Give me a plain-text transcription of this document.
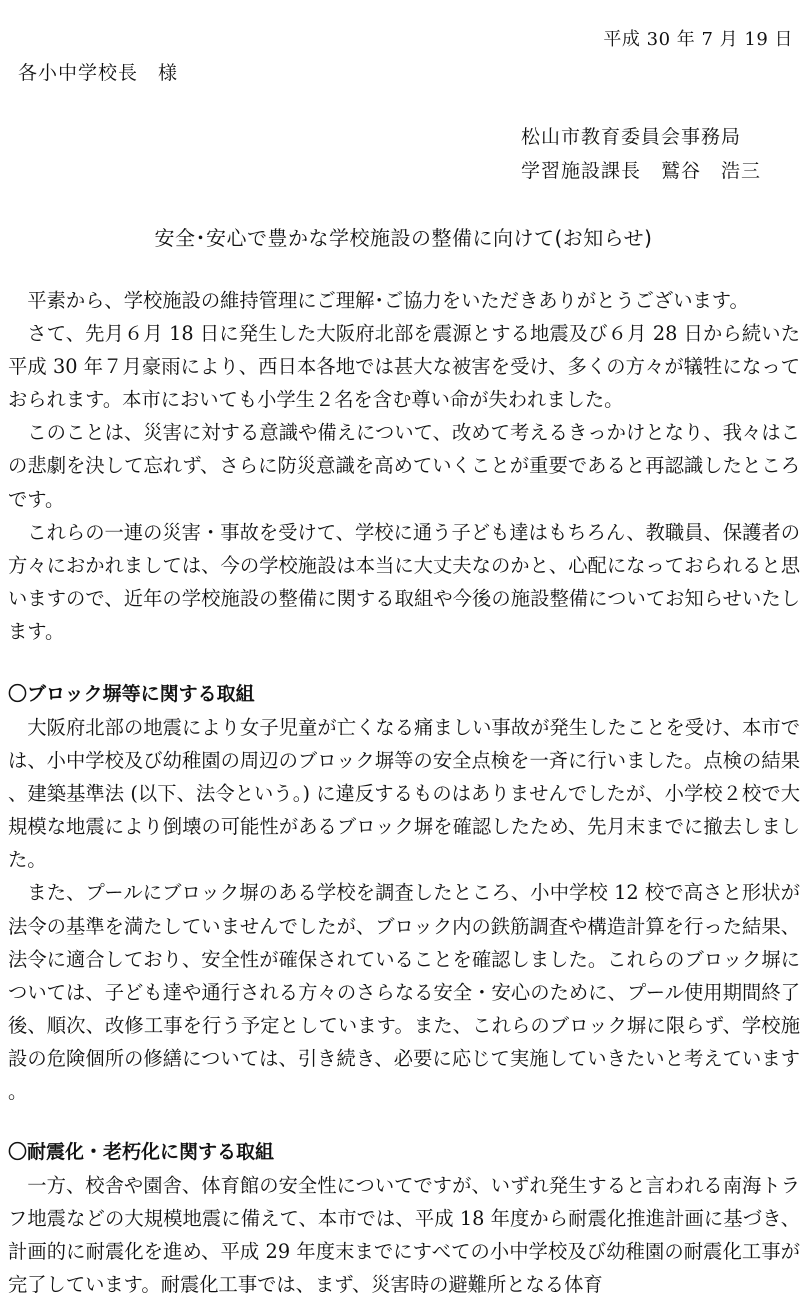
平成 30 年 7 月 19 日
各小中学校長　様
松山市教育委員会事務局
学習施設課長　鷲谷　浩三
安全･安心で豊かな学校施設の整備に向けて(お知らせ)

平素から、学校施設の維持管理にご理解･ご協力をいただきありがとうございます。

さて、先月６月 18 日に発生した大阪府北部を震源とする地震及び６月 28 日から続いた平成 30 年７月豪雨により、西日本各地では甚大な被害を受け、多くの方々が犠牲になっておられます。本市においても小学生２名を含む尊い命が失われました。

このことは、災害に対する意識や備えについて、改めて考えるきっかけとなり、我々はこの悲劇を決して忘れず、さらに防災意識を高めていくことが重要であると再認識したところです。

これらの一連の災害・事故を受けて、学校に通う子ども達はもちろん、教職員、保護者の方々におかれましては、今の学校施設は本当に大丈夫なのかと、心配になっておられると思いますので、近年の学校施設の整備に関する取組や今後の施設整備についてお知らせいたします。

〇ブロック塀等に関する取組

大阪府北部の地震により女子児童が亡くなる痛ましい事故が発生したことを受け、本市では、小中学校及び幼稚園の周辺のブロック塀等の安全点検を一斉に行いました。点検の結果、建築基準法 (以下、法令という。) に違反するものはありませんでしたが、小学校２校で大規模な地震により倒壊の可能性があるブロック塀を確認したため、先月末までに撤去しました。

また、プールにブロック塀のある学校を調査したところ、小中学校 12 校で高さと形状が法令の基準を満たしていませんでしたが、ブロック内の鉄筋調査や構造計算を行った結果、法令に適合しており、安全性が確保されていることを確認しました。これらのブロック塀については、子ども達や通行される方々のさらなる安全・安心のために、プール使用期間終了後、順次、改修工事を行う予定としています。また、これらのブロック塀に限らず、学校施設の危険個所の修繕については、引き続き、必要に応じて実施していきたいと考えています。

〇耐震化・老朽化に関する取組

一方、校舎や園舎、体育館の安全性についてですが、いずれ発生すると言われる南海トラフ地震などの大規模地震に備えて、本市では、平成 18 年度から耐震化推進計画に基づき、計画的に耐震化を進め、平成 29 年度末までにすべての小中学校及び幼稚園の耐震化工事が完了しています。耐震化工事では、まず、災害時の避難所となる体育
